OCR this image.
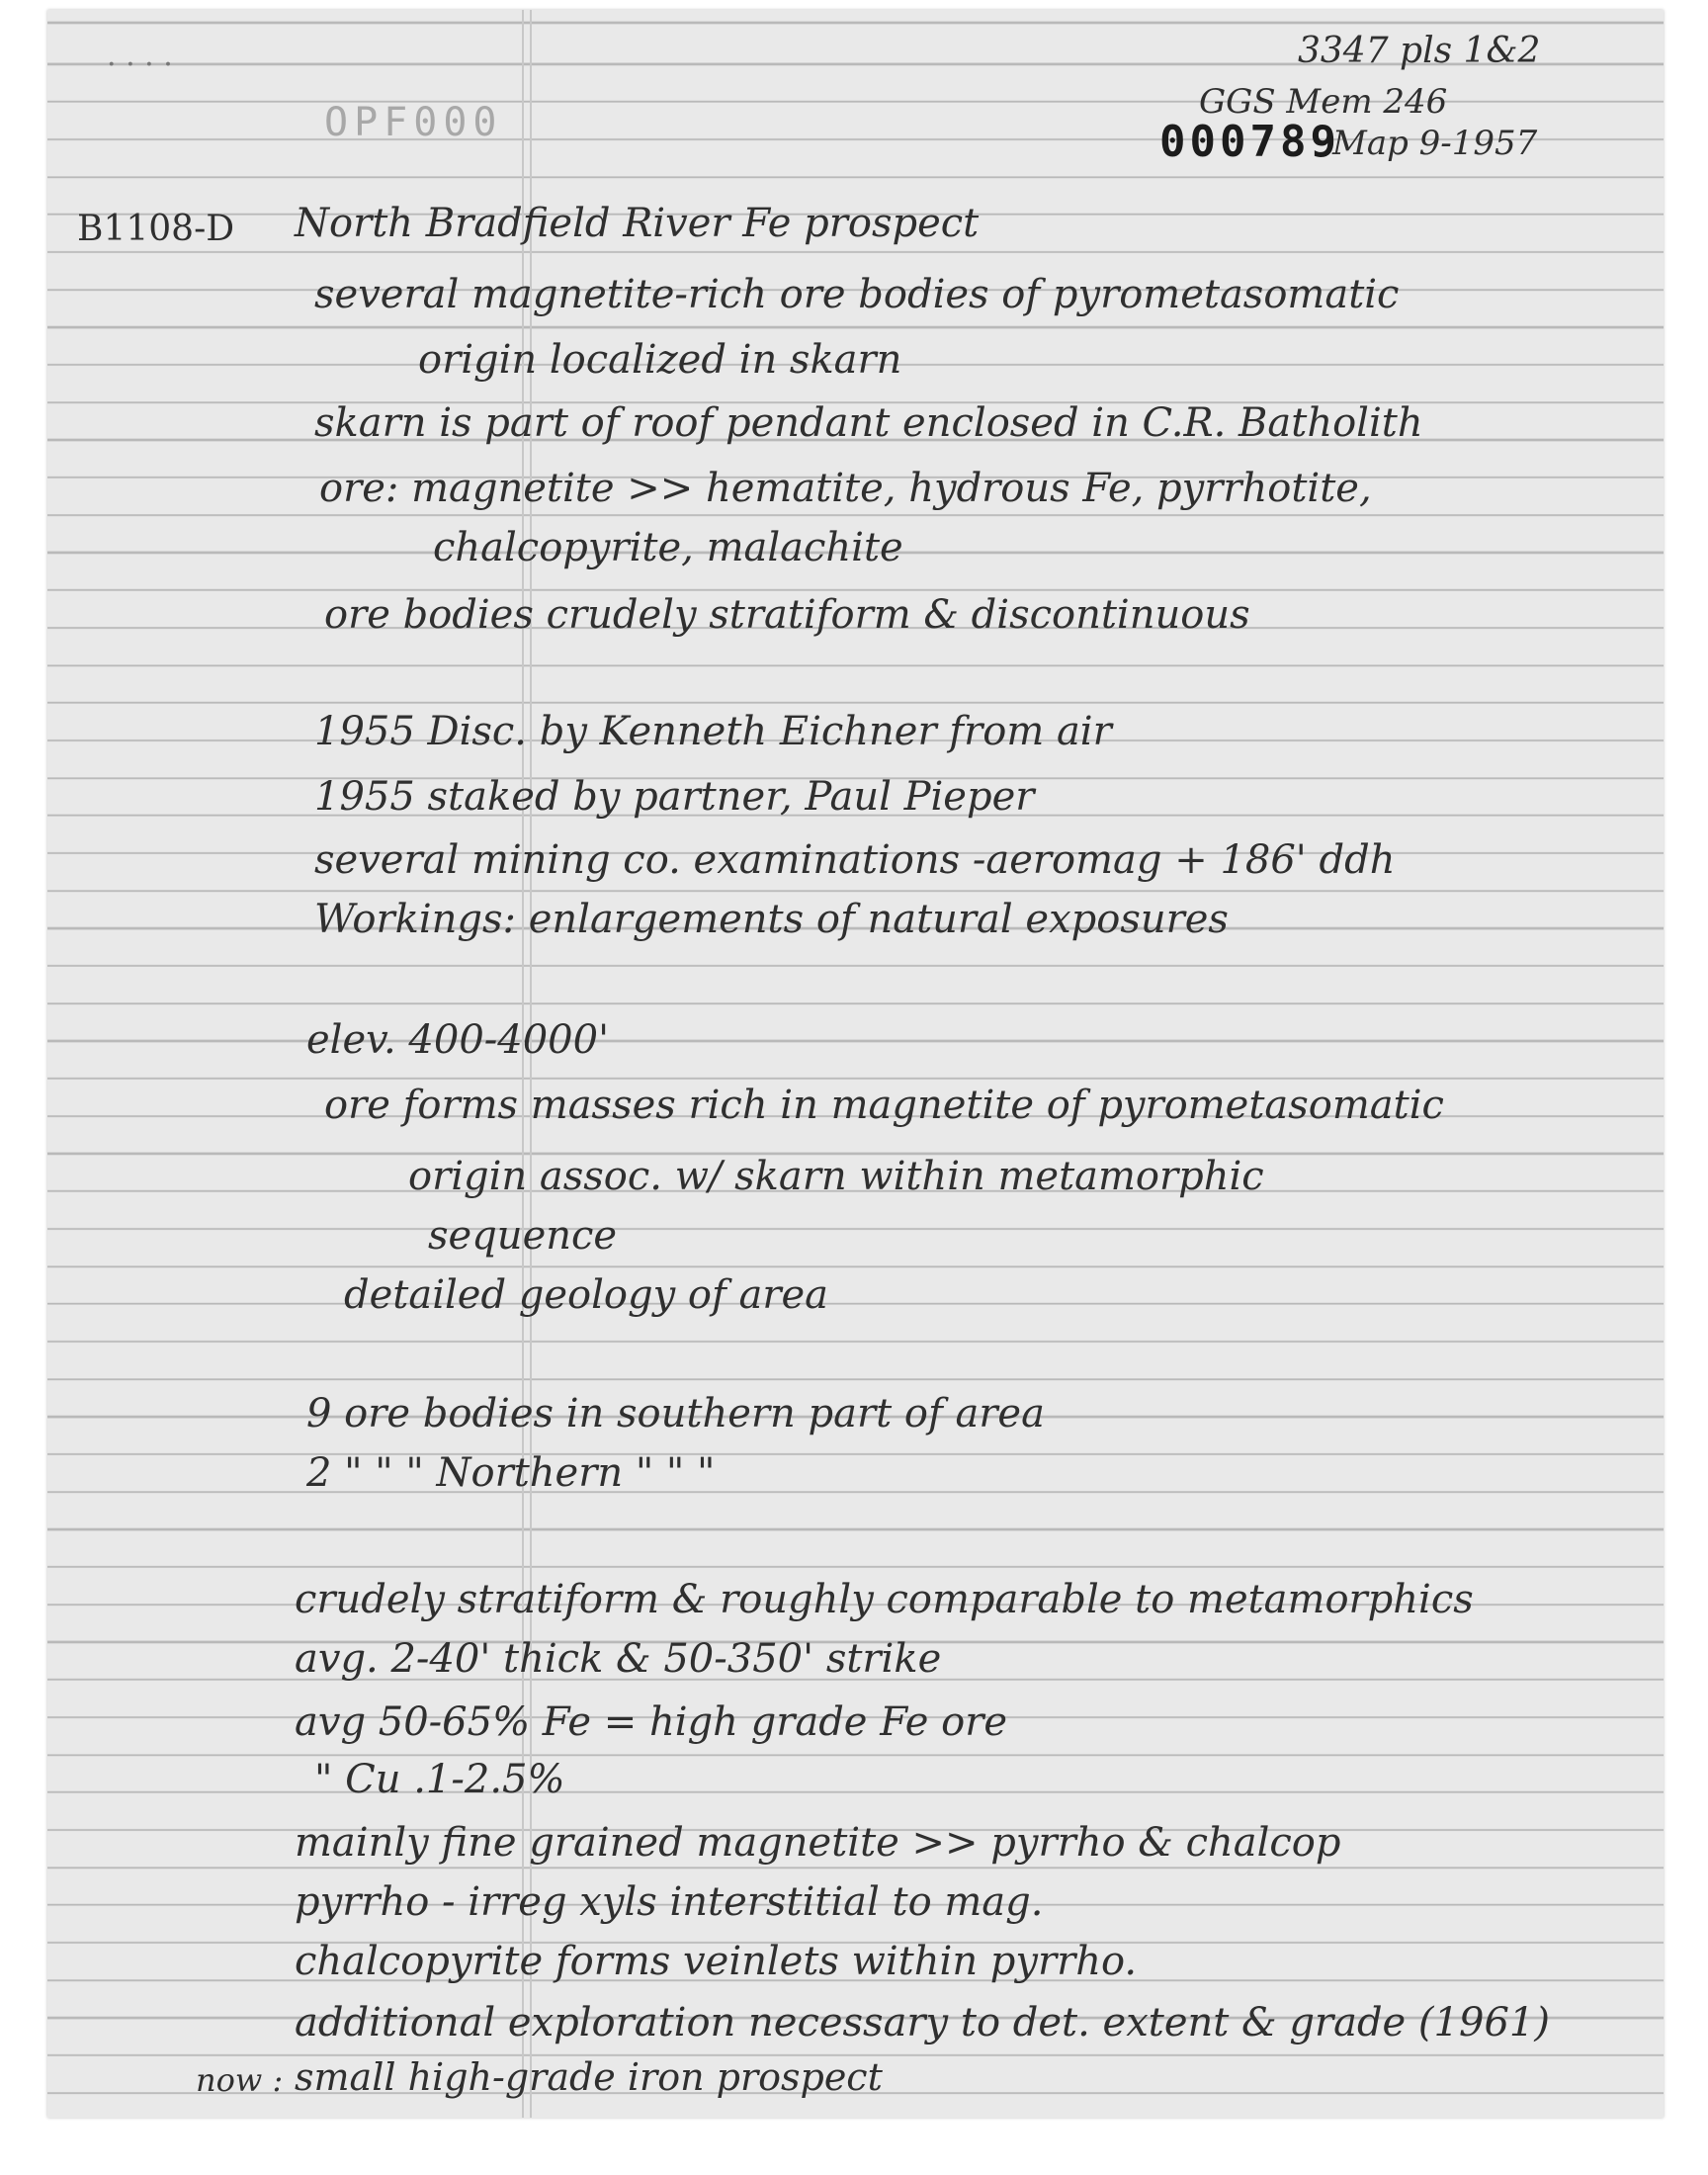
· · · ·
OPF000	000789
3347 pls 1&2
GGS Mem 246
Map 9-1957
B1108-D North Bradfield River Fe prospect
several magnetite-rich ore bodies of pyrometasomatic
origin localized in skarn
skarn is part of roof pendant enclosed in C.R. Batholith
ore: magnetite >> hematite, hydrous Fe, pyrrhotite,
chalcopyrite, malachite
ore bodies crudely stratiform & discontinuous
1955 Disc. by Kenneth Eichner from air
1955 staked by partner, Paul Pieper
several mining co. examinations -aeromag + 186' ddh
Workings: enlargements of natural exposures
elev. 400-4000'
ore forms masses rich in magnetite of pyrometasomatic
origin assoc. w/ skarn within metamorphic
sequence
detailed geology of area
9 ore bodies in southern part of area
2 " " " Northern " " "
crudely stratiform & roughly comparable to metamorphics
avg. 2-40' thick & 50-350' strike
avg 50-65% Fe = high grade Fe ore
" Cu .1-2.5%
mainly fine grained magnetite >> pyrrho & chalcop
pyrrho - irreg xyls interstitial to mag.
chalcopyrite forms veinlets within pyrrho.
additional exploration necessary to det. extent & grade (1961)
now : small high-grade iron prospect
